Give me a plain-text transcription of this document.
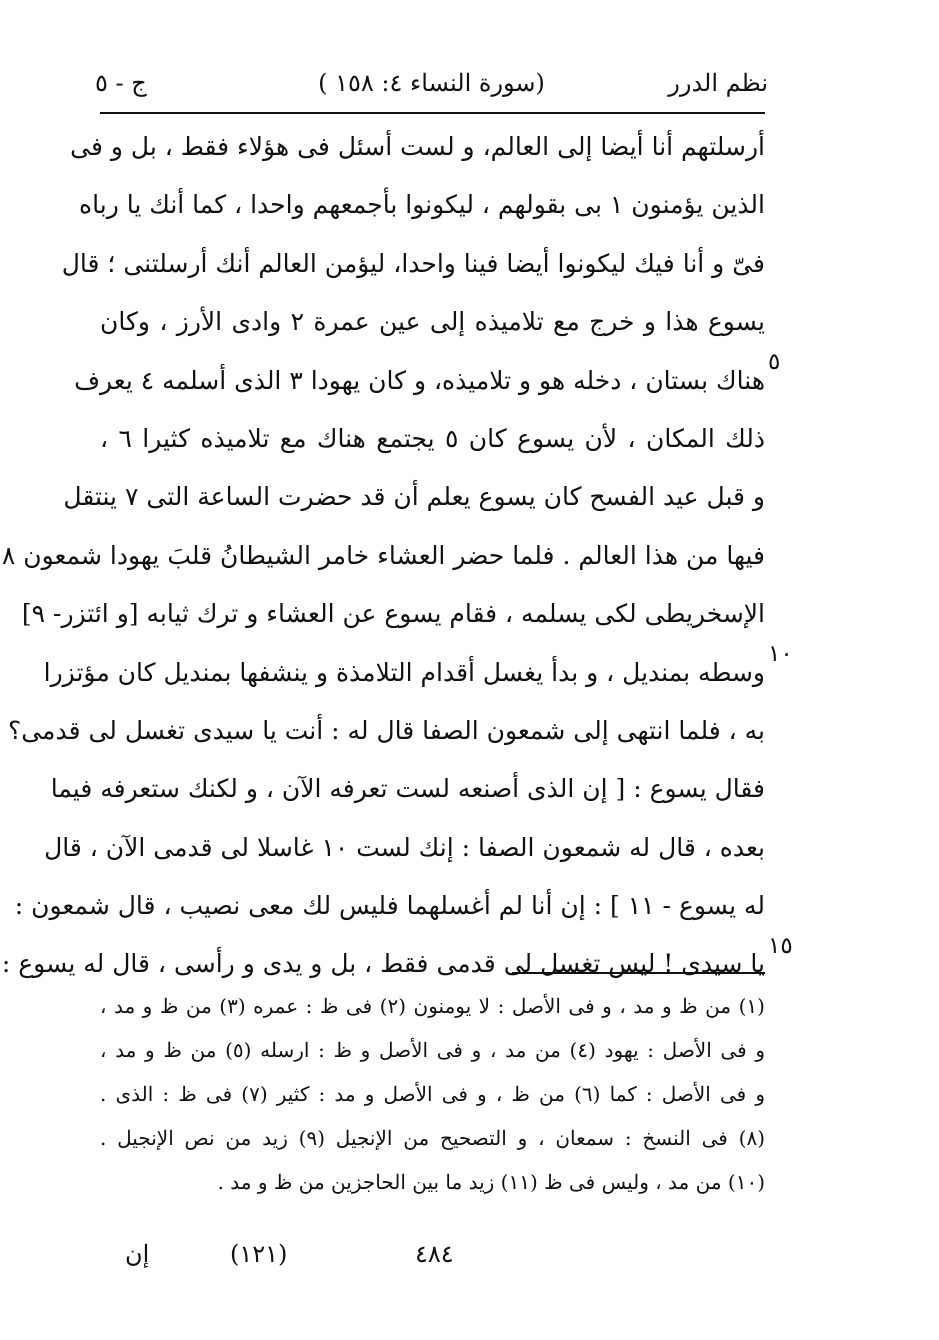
نظم الدرر
(سورة النساء ٤: ١٥٨ )
ج - ٥
أرسلتهم أنا أيضا إلى العالم، و لست أسئل فى هؤلاء فقط ، بل و فى
الذين يؤمنون ١ بى بقولهم ، ليكونوا بأجمعهم واحدا ، كما أنك يا رباه
فىّ و أنا فيك ليكونوا أيضا فينا واحدا، ليؤمن العالم أنك أرسلتنى ؛ قال
يسوع هذا و خرج مع تلاميذه إلى عين عمرة ٢ وادى الأرز ، وكان
هناك بستان ، دخله هو و تلاميذه، و كان يهودا ٣ الذى أسلمه ٤ يعرف
ذلك المكان ، لأن يسوع كان ٥ يجتمع هناك مع تلاميذه كثيرا ٦ ،
و قبل عيد الفسح كان يسوع يعلم أن قد حضرت الساعة التى ٧ ينتقل
فيها من هذا العالم . فلما حضر العشاء خامر الشيطانُ قلبَ يهودا شمعون ٨
الإسخريطى لكى يسلمه ، فقام يسوع عن العشاء و ترك ثيابه [و ائتزر- ٩]
وسطه بمنديل ، و بدأ يغسل أقدام التلامذة و ينشفها بمنديل كان مؤتزرا
به ، فلما انتهى إلى شمعون الصفا قال له : أنت يا سيدى تغسل لى قدمى؟
فقال يسوع : [ إن الذى أصنعه لست تعرفه الآن ، و لكنك ستعرفه فيما
بعده ، قال له شمعون الصفا : إنك لست ١٠ غاسلا لى قدمى الآن ، قال
له يسوع - ١١ ] : إن أنا لم أغسلهما فليس لك معى نصيب ، قال شمعون :
يا سيدى ! ليس تغسل لى قدمى فقط ، بل و يدى و رأسى ، قال له يسوع :
٥
١٠
١٥
(١) من ظ و مد ، و فى الأصل : لا يومنون (٢) فى ظ : عمره (٣) من ظ و مد ،
و فى الأصل : يهود (٤) من مد ، و فى الأصل و ظ : ارسله (٥) من ظ و مد ،
و فى الأصل : كما (٦) من ظ ، و فى الأصل و مد : كثير (٧) فى ظ : الذى .
(٨) فى النسخ : سمعان ، و التصحيح من الإنجيل (٩) زيد من نص الإنجيل .
(١٠) من مد ، وليس فى ظ (١١) زيد ما بين الحاجزين من ظ و مد .
إن	(١٢١)	٤٨٤
